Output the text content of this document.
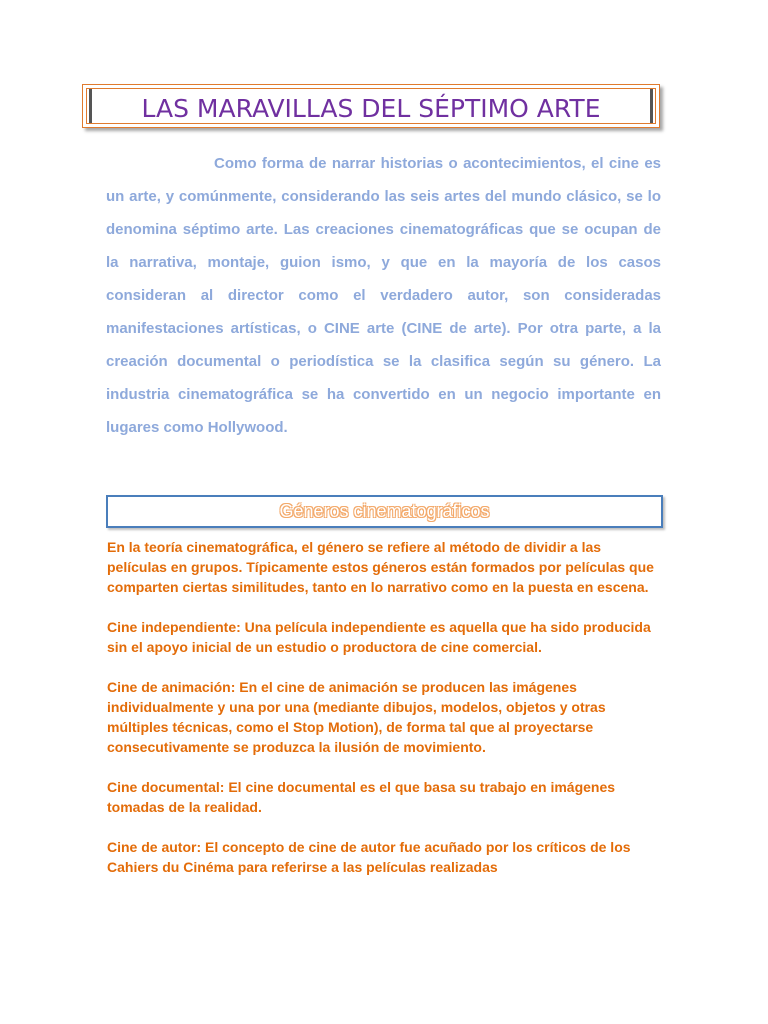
LAS MARAVILLAS DEL SÉPTIMO ARTE

Como forma de narrar historias o acontecimientos, el cine es un arte, y comúnmente, considerando las seis artes del mundo clásico, se lo denomina séptimo arte. Las creaciones cinematográficas que se ocupan de la narrativa, montaje, guion ismo, y que en la mayoría de los casos consideran al director como el verdadero autor, son consideradas manifestaciones artísticas, o CINE arte (CINE de arte). Por otra parte, a la creación documental o periodística se la clasifica según su género. La industria cinematográfica se ha convertido en un negocio importante en lugares como Hollywood.

Géneros cinematográficos

En la teoría cinematográfica, el género se refiere al método de dividir a las películas en grupos. Típicamente estos géneros están formados por películas que comparten ciertas similitudes, tanto en lo narrativo como en la puesta en escena.

Cine independiente: Una película independiente es aquella que ha sido producida sin el apoyo inicial de un estudio o productora de cine comercial.

Cine de animación: En el cine de animación se producen las imágenes individualmente y una por una (mediante dibujos, modelos, objetos y otras múltiples técnicas, como el Stop Motion), de forma tal que al proyectarse consecutivamente se produzca la ilusión de movimiento.

Cine documental: El cine documental es el que basa su trabajo en imágenes tomadas de la realidad.

Cine de autor: El concepto de cine de autor fue acuñado por los críticos de los Cahiers du Cinéma para referirse a las películas realizadas
